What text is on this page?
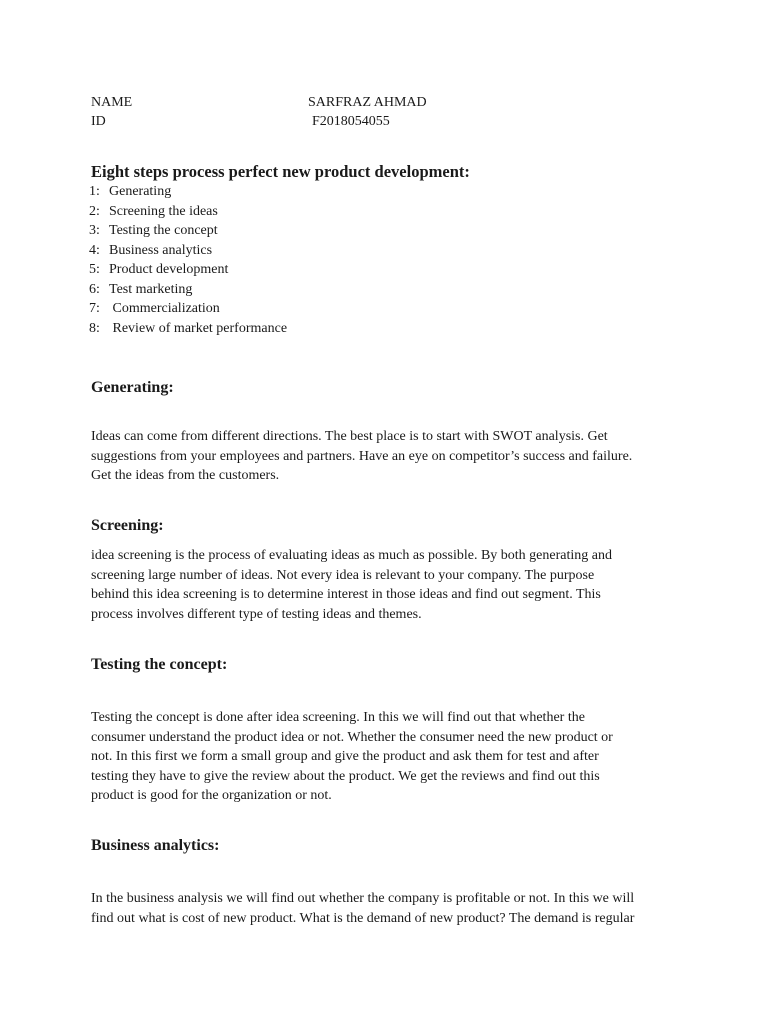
NAME	SARFRAZ AHMAD
ID	F2018054055
Eight steps process perfect new product development:
1: Generating
2: Screening the ideas
3: Testing the concept
4: Business analytics
5: Product development
6: Test marketing
7: Commercialization
8: Review of market performance
Generating:

Ideas can come from different directions. The best place is to start with SWOT analysis. Get
suggestions from your employees and partners. Have an eye on competitor’s success and failure.
Get the ideas from the customers.

Screening:

idea screening is the process of evaluating ideas as much as possible. By both generating and
screening large number of ideas. Not every idea is relevant to your company. The purpose
behind this idea screening is to determine interest in those ideas and find out segment. This
process involves different type of testing ideas and themes.

Testing the concept:

Testing the concept is done after idea screening. In this we will find out that whether the
consumer understand the product idea or not. Whether the consumer need the new product or
not. In this first we form a small group and give the product and ask them for test and after
testing they have to give the review about the product. We get the reviews and find out this
product is good for the organization or not.

Business analytics:

In the business analysis we will find out whether the company is profitable or not. In this we will
find out what is cost of new product. What is the demand of new product? The demand is regular
